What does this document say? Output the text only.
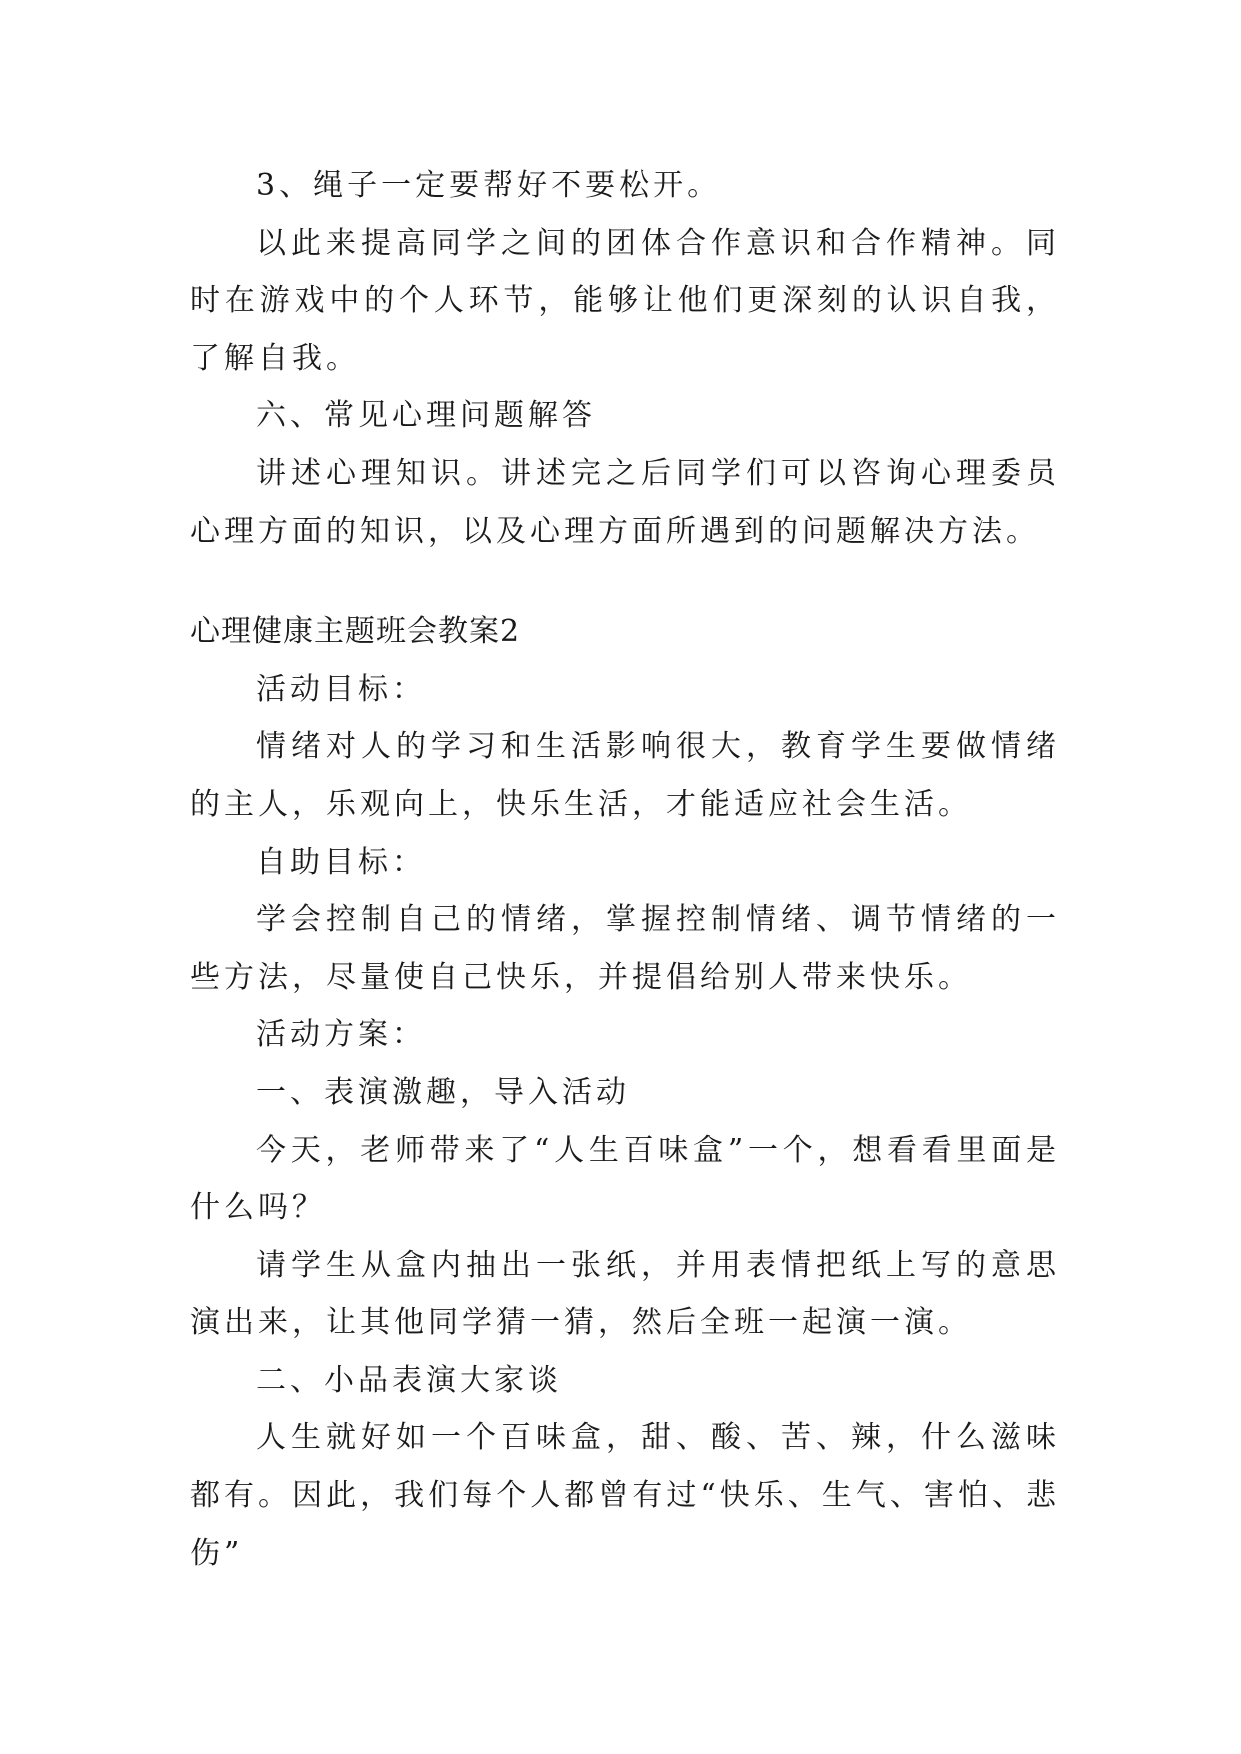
3、绳子一定要帮好不要松开。

以此来提高同学之间的团体合作意识和合作精神。同时在游戏中的个人环节，能够让他们更深刻的认识自我，了解自我。

六、常见心理问题解答

讲述心理知识。讲述完之后同学们可以咨询心理委员心理方面的知识，以及心理方面所遇到的问题解决方法。

心理健康主题班会教案2

活动目标：

情绪对人的学习和生活影响很大，教育学生要做情绪的主人，乐观向上，快乐生活，才能适应社会生活。

自助目标：

学会控制自己的情绪，掌握控制情绪、调节情绪的一些方法，尽量使自己快乐，并提倡给别人带来快乐。

活动方案：

一、表演激趣，导入活动

今天，老师带来了“人生百味盒”一个，想看看里面是什么吗？

请学生从盒内抽出一张纸，并用表情把纸上写的意思演出来，让其他同学猜一猜，然后全班一起演一演。

二、小品表演大家谈

人生就好如一个百味盒，甜、酸、苦、辣，什么滋味都有。因此，我们每个人都曾有过“快乐、生气、害怕、悲伤”
